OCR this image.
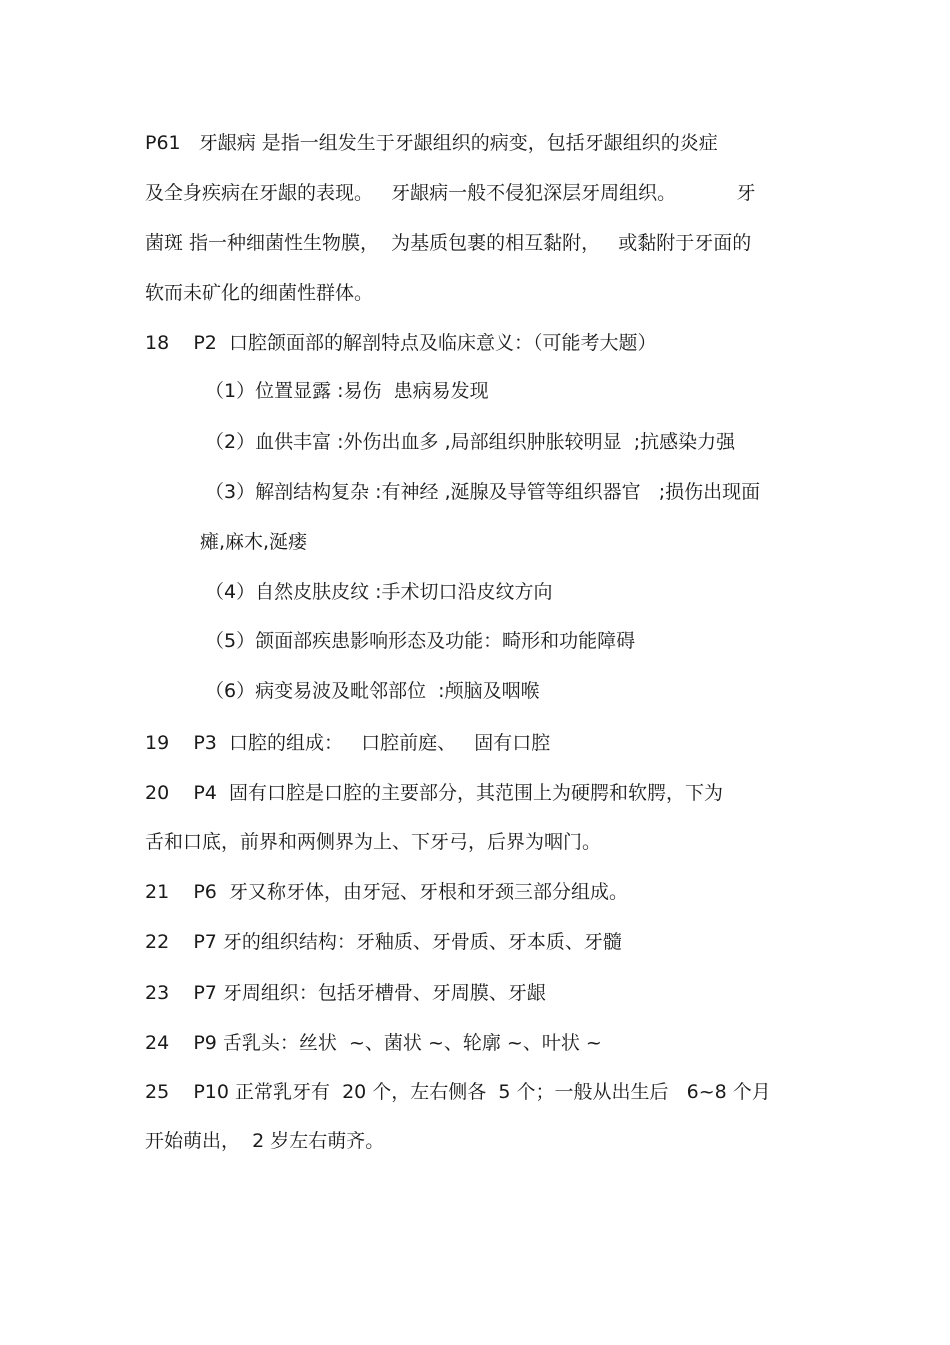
P61   牙龈病 是指一组发生于牙龈组织的病变，包括牙龈组织的炎症
及全身疾病在牙龈的表现。   牙龈病一般不侵犯深层牙周组织。          牙
菌斑 指一种细菌性生物膜，  为基质包裹的相互黏附，   或黏附于牙面的
软而未矿化的细菌性群体。
18    P2  口腔颌面部的解剖特点及临床意义：（可能考大题）
（1）位置显露 :易伤  患病易发现
（2）血供丰富 :外伤出血多 ,局部组织肿胀较明显  ;抗感染力强
（3）解剖结构复杂 :有神经 ,涎腺及导管等组织器官   ;损伤出现面
瘫,麻木,涎瘘
（4）自然皮肤皮纹 :手术切口沿皮纹方向
（5）颌面部疾患影响形态及功能：畸形和功能障碍
（6）病变易波及毗邻部位  :颅脑及咽喉
19    P3  口腔的组成：   口腔前庭、   固有口腔
20    P4  固有口腔是口腔的主要部分，其范围上为硬腭和软腭，下为
舌和口底，前界和两侧界为上、下牙弓，后界为咽门。
21    P6  牙又称牙体，由牙冠、牙根和牙颈三部分组成。
22    P7 牙的组织结构：牙釉质、牙骨质、牙本质、牙髓
23    P7 牙周组织：包括牙槽骨、牙周膜、牙龈
24    P9 舌乳头：丝状  ~、菌状 ~、轮廓 ~、叶状 ~
25    P10 正常乳牙有  20 个，左右侧各  5 个；一般从出生后   6~8 个月
开始萌出，  2 岁左右萌齐。
